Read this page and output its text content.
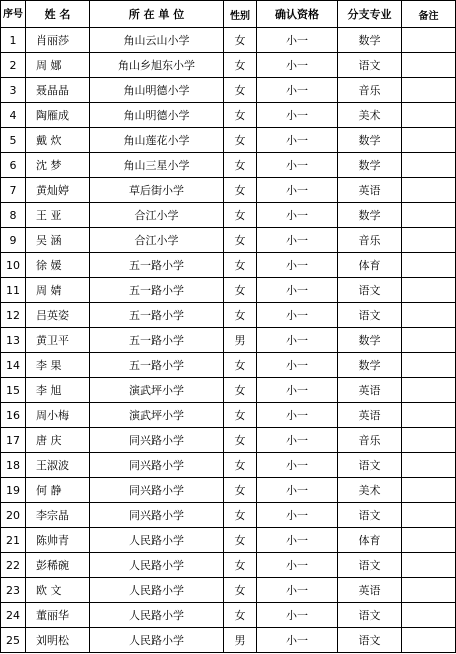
序号	姓 名	所 在 单 位	性别	确认资格	分支专业	备注
1	肖丽莎	角山云山小学	女	小一	数学	
2	周 娜	角山乡旭东小学	女	小一	语文	
3	聂晶晶	角山明德小学	女	小一	音乐	
4	陶雁成	角山明德小学	女	小一	美术	
5	戴 炊	角山莲花小学	女	小一	数学	
6	沈 梦	角山三星小学	女	小一	数学	
7	黄灿婷	草后街小学	女	小一	英语	
8	王 亚	合江小学	女	小一	数学	
9	吴 涵	合江小学	女	小一	音乐	
10	徐 媛	五一路小学	女	小一	体育	
11	周 婧	五一路小学	女	小一	语文	
12	吕英姿	五一路小学	女	小一	语文	
13	黄卫平	五一路小学	男	小一	数学	
14	李 果	五一路小学	女	小一	数学	
15	李 旭	演武坪小学	女	小一	英语	
16	周小梅	演武坪小学	女	小一	英语	
17	唐 庆	同兴路小学	女	小一	音乐	
18	王淑波	同兴路小学	女	小一	语文	
19	何 静	同兴路小学	女	小一	美术	
20	李宗晶	同兴路小学	女	小一	语文	
21	陈帅青	人民路小学	女	小一	体育	
22	彭稀碗	人民路小学	女	小一	语文	
23	欧 文	人民路小学	女	小一	英语	
24	董丽华	人民路小学	女	小一	语文	
25	刘明松	人民路小学	男	小一	语文	
